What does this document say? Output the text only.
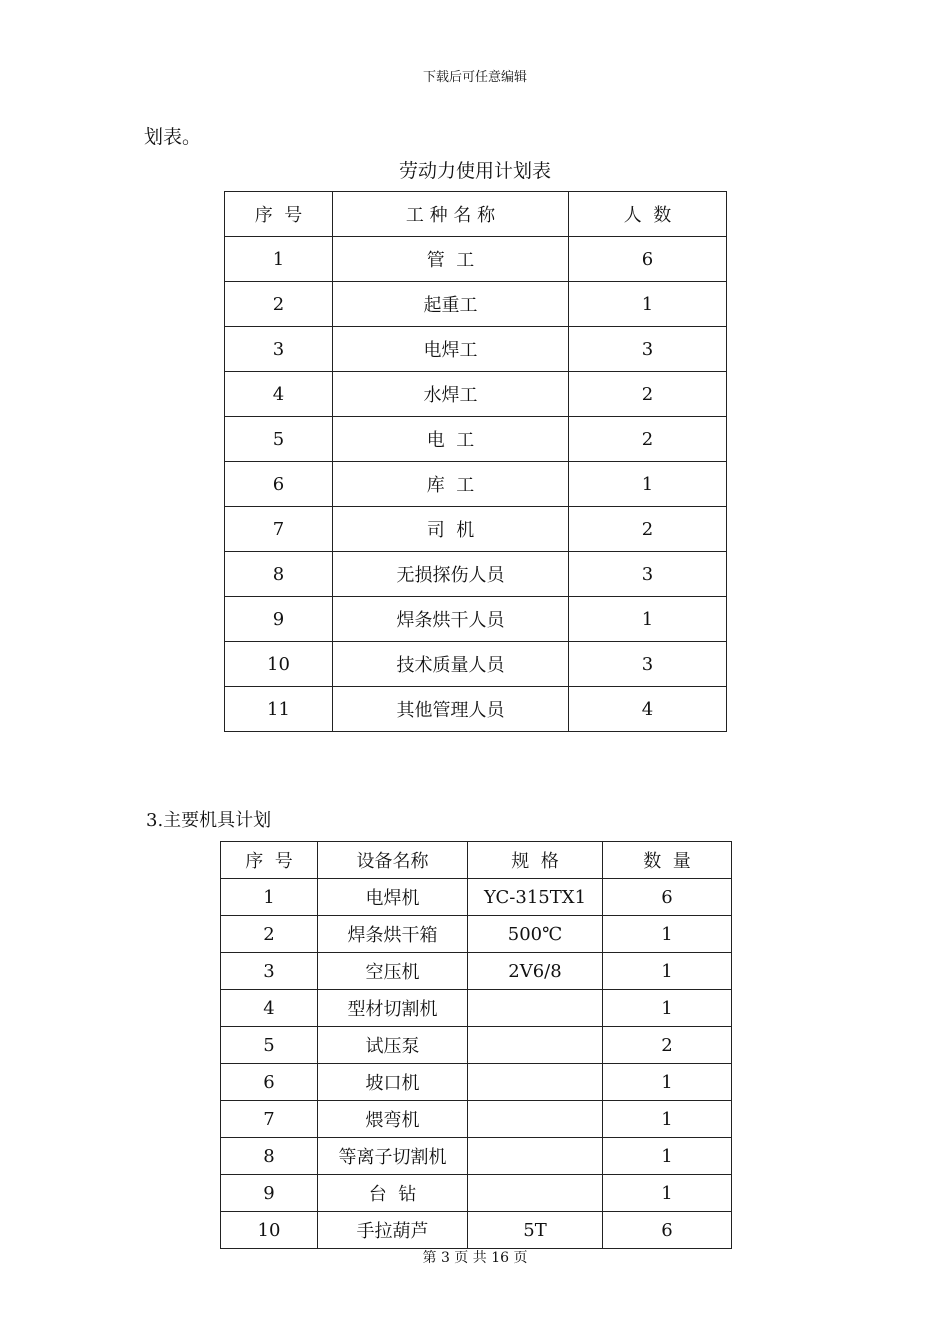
下载后可任意编辑
划表。
劳动力使用计划表
序  号	工 种 名 称	人  数
1	管  工	6
2	起重工	1
3	电焊工	3
4	水焊工	2
5	电  工	2
6	库  工	1
7	司  机	2
8	无损探伤人员	3
9	焊条烘干人员	1
10	技术质量人员	3
11	其他管理人员	4
3.主要机具计划
序  号	设备名称	规  格	数  量
1	电焊机	YC-315TX1	6
2	焊条烘干箱	500℃	1
3	空压机	2V6/8	1
4	型材切割机		1
5	试压泵		2
6	坡口机		1
7	煨弯机		1
8	等离子切割机		1
9	台  钻		1
10	手拉葫芦	5T	6
第 3 页 共 16 页
